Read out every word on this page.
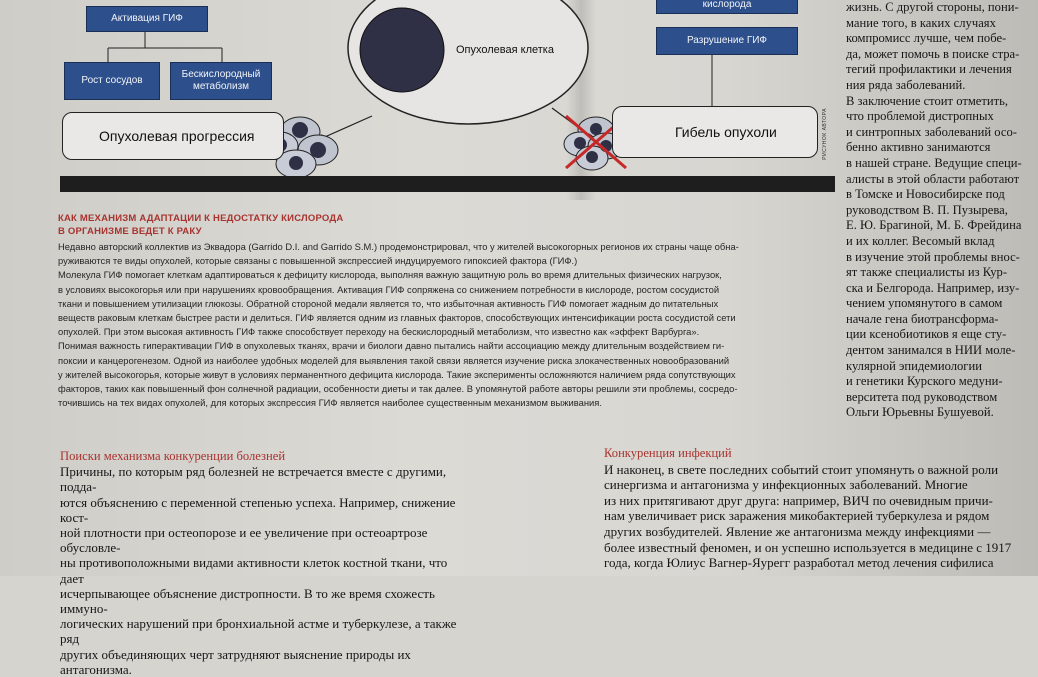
Активация ГИФ
Рост сосудов
Бескислородный метаболизм
кислорода
Разрушение ГИФ
Опухолевая клетка
Опухолевая прогрессия	Гибель опухоли	РИСУНОК АВТОРА
КАК МЕХАНИЗМ АДАПТАЦИИ К НЕДОСТАТКУ КИСЛОРОДА
В ОРГАНИЗМЕ ВЕДЕТ К РАКУ

Недавно авторский коллектив из Эквадора (Garrido D.I. and Garrido S.M.) продемонстрировал, что у жителей высокогорных регионов их страны чаще обна-

руживаются те виды опухолей, которые связаны с повышенной экспрессией индуцируемого гипоксией фактора (ГИФ.)

Молекула ГИФ помогает клеткам адаптироваться к дефициту кислорода, выполняя важную защитную роль во время длительных физических нагрузок,

в условиях высокогорья или при нарушениях кровообращения. Активация ГИФ сопряжена со снижением потребности в кислороде, ростом сосудистой

ткани и повышением утилизации глюкозы. Обратной стороной медали является то, что избыточная активность ГИФ помогает жадным до питательных

веществ раковым клеткам быстрее расти и делиться. ГИФ является одним из главных факторов, способствующих интенсификации роста сосудистой сети

опухолей. При этом высокая активность ГИФ также способствует переходу на бескислородный метаболизм, что известно как «эффект Варбурга».

Понимая важность гиперактивации ГИФ в опухолевых тканях, врачи и биологи давно пытались найти ассоциацию между длительным воздействием ги-

поксии и канцерогенезом. Одной из наиболее удобных моделей для выявления такой связи является изучение риска злокачественных новообразований

у жителей высокогорья, которые живут в условиях перманентного дефицита кислорода. Такие эксперименты осложняются наличием ряда сопутствующих

факторов, таких как повышенный фон солнечной радиации, особенности диеты и так далее. В упомянутой работе авторы решили эти проблемы, сосредо-

точившись на тех видах опухолей, для которых экспрессия ГИФ является наиболее существенным механизмом выживания.

жизнь. С другой стороны, пони-

мание того, в каких случаях

компромисс лучше, чем побе-

да, может помочь в поиске стра-

тегий профилактики и лечения

ния ряда заболеваний.

В заключение стоит отметить,

что проблемой дистропных

и синтропных заболеваний осо-

бенно активно занимаются

в нашей стране. Ведущие специ-

алисты в этой области работают

в Томске и Новосибирске под

руководством В. П. Пузырева,

Е. Ю. Брагиной, М. Б. Фрейдина

и их коллег. Весомый вклад

в изучение этой проблемы внос-

ят также специалисты из Кур-

ска и Белгорода. Например, изу-

чением упомянутого в самом

начале гена биотрансформа-

ции ксенобиотиков я еще сту-

дентом занимался в НИИ моле-

кулярной эпидемиологии

и генетики Курского медуни-

верситета под руководством

Ольги Юрьевны Бушуевой.

Поиски механизма конкуренции болезней

Причины, по которым ряд болезней не встречается вместе с другими, подда-

ются объяснению с переменной степенью успеха. Например, снижение кост-

ной плотности при остеопорозе и ее увеличение при остеоартрозе обусловле-

ны противоположными видами активности клеток костной ткани, что дает

исчерпывающее объяснение дистропности. В то же время схожесть иммуно-

логических нарушений при бронхиальной астме и туберкулезе, а также ряд

других объединяющих черт затрудняют выяснение природы их антагонизма.

Конкуренция инфекций

И наконец, в свете последних событий стоит упомянуть о важной роли

синергизма и антагонизма у инфекционных заболеваний. Многие

из них притягивают друг друга: например, ВИЧ по очевидным причи-

нам увеличивает риск заражения микобактерией туберкулеза и рядом

других возбудителей. Явление же антагонизма между инфекциями —

более известный феномен, и он успешно используется в медицине с 1917

года, когда Юлиус Вагнер-Яурегг разработал метод лечения сифилиса
